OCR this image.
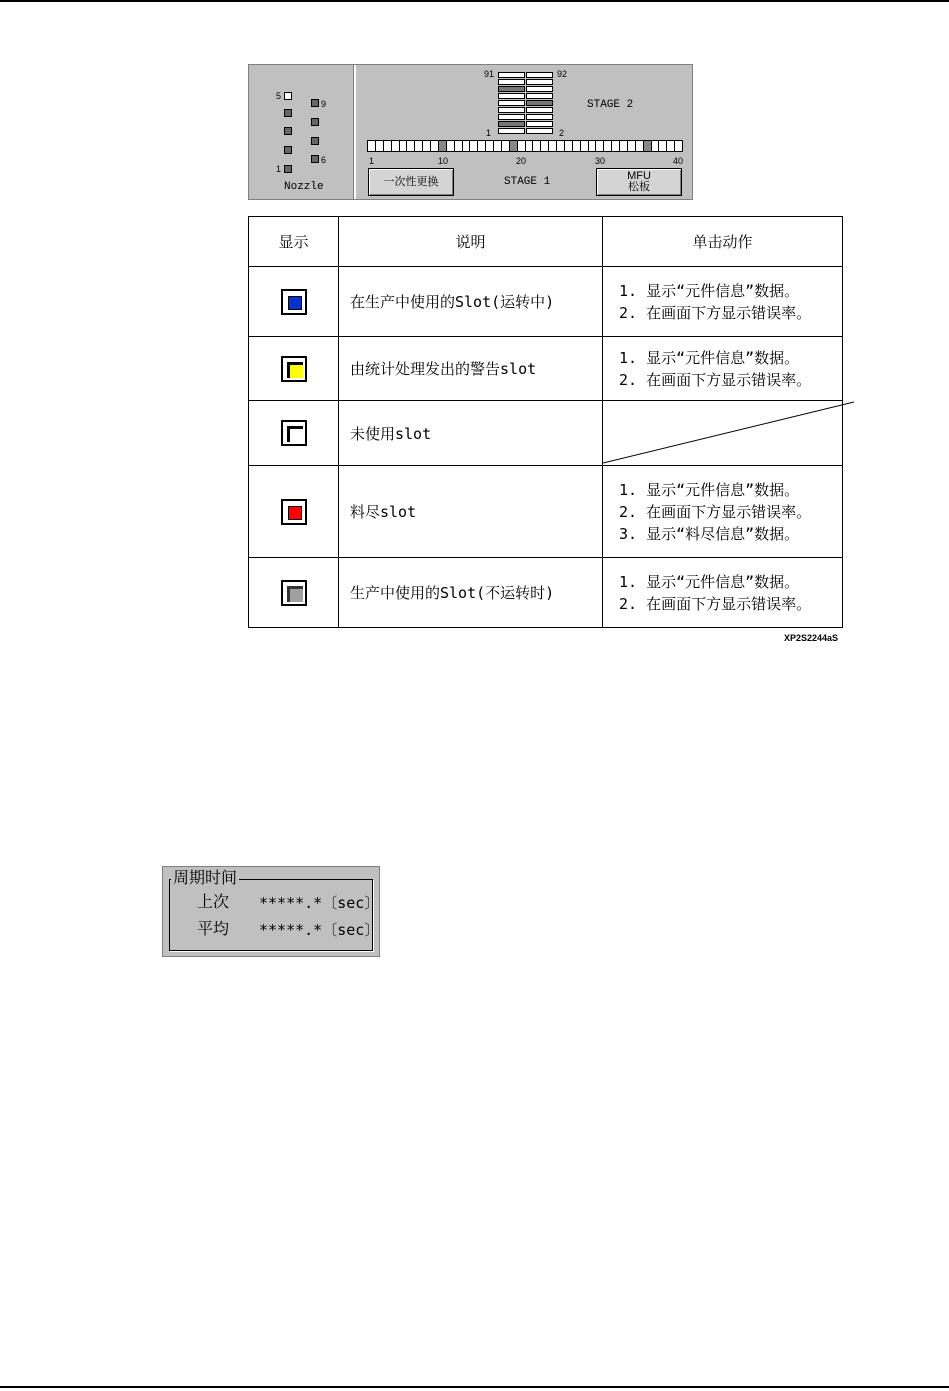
5
1
9
6
Nozzle
91	92
1	2
STAGE 2
1	10	20	30	40
一次性更换	STAGE 1	MFU
松板
显示	说明	单击动作

	在生产中使用的Slot(运转中)	1. 显示“元件信息”数据。
2. 在画面下方显示错误率。

	由统计处理发出的警告slot	1. 显示“元件信息”数据。
2. 在画面下方显示错误率。

	未使用slot	

	料尽slot	1. 显示“元件信息”数据。
2. 在画面下方显示错误率。
3. 显示“料尽信息”数据。

	生产中使用的Slot(不运转时)	1. 显示“元件信息”数据。
2. 在画面下方显示错误率。
XP2S2244aS
周期时间
上次 *****.*〔sec〕
平均 *****.*〔sec〕
